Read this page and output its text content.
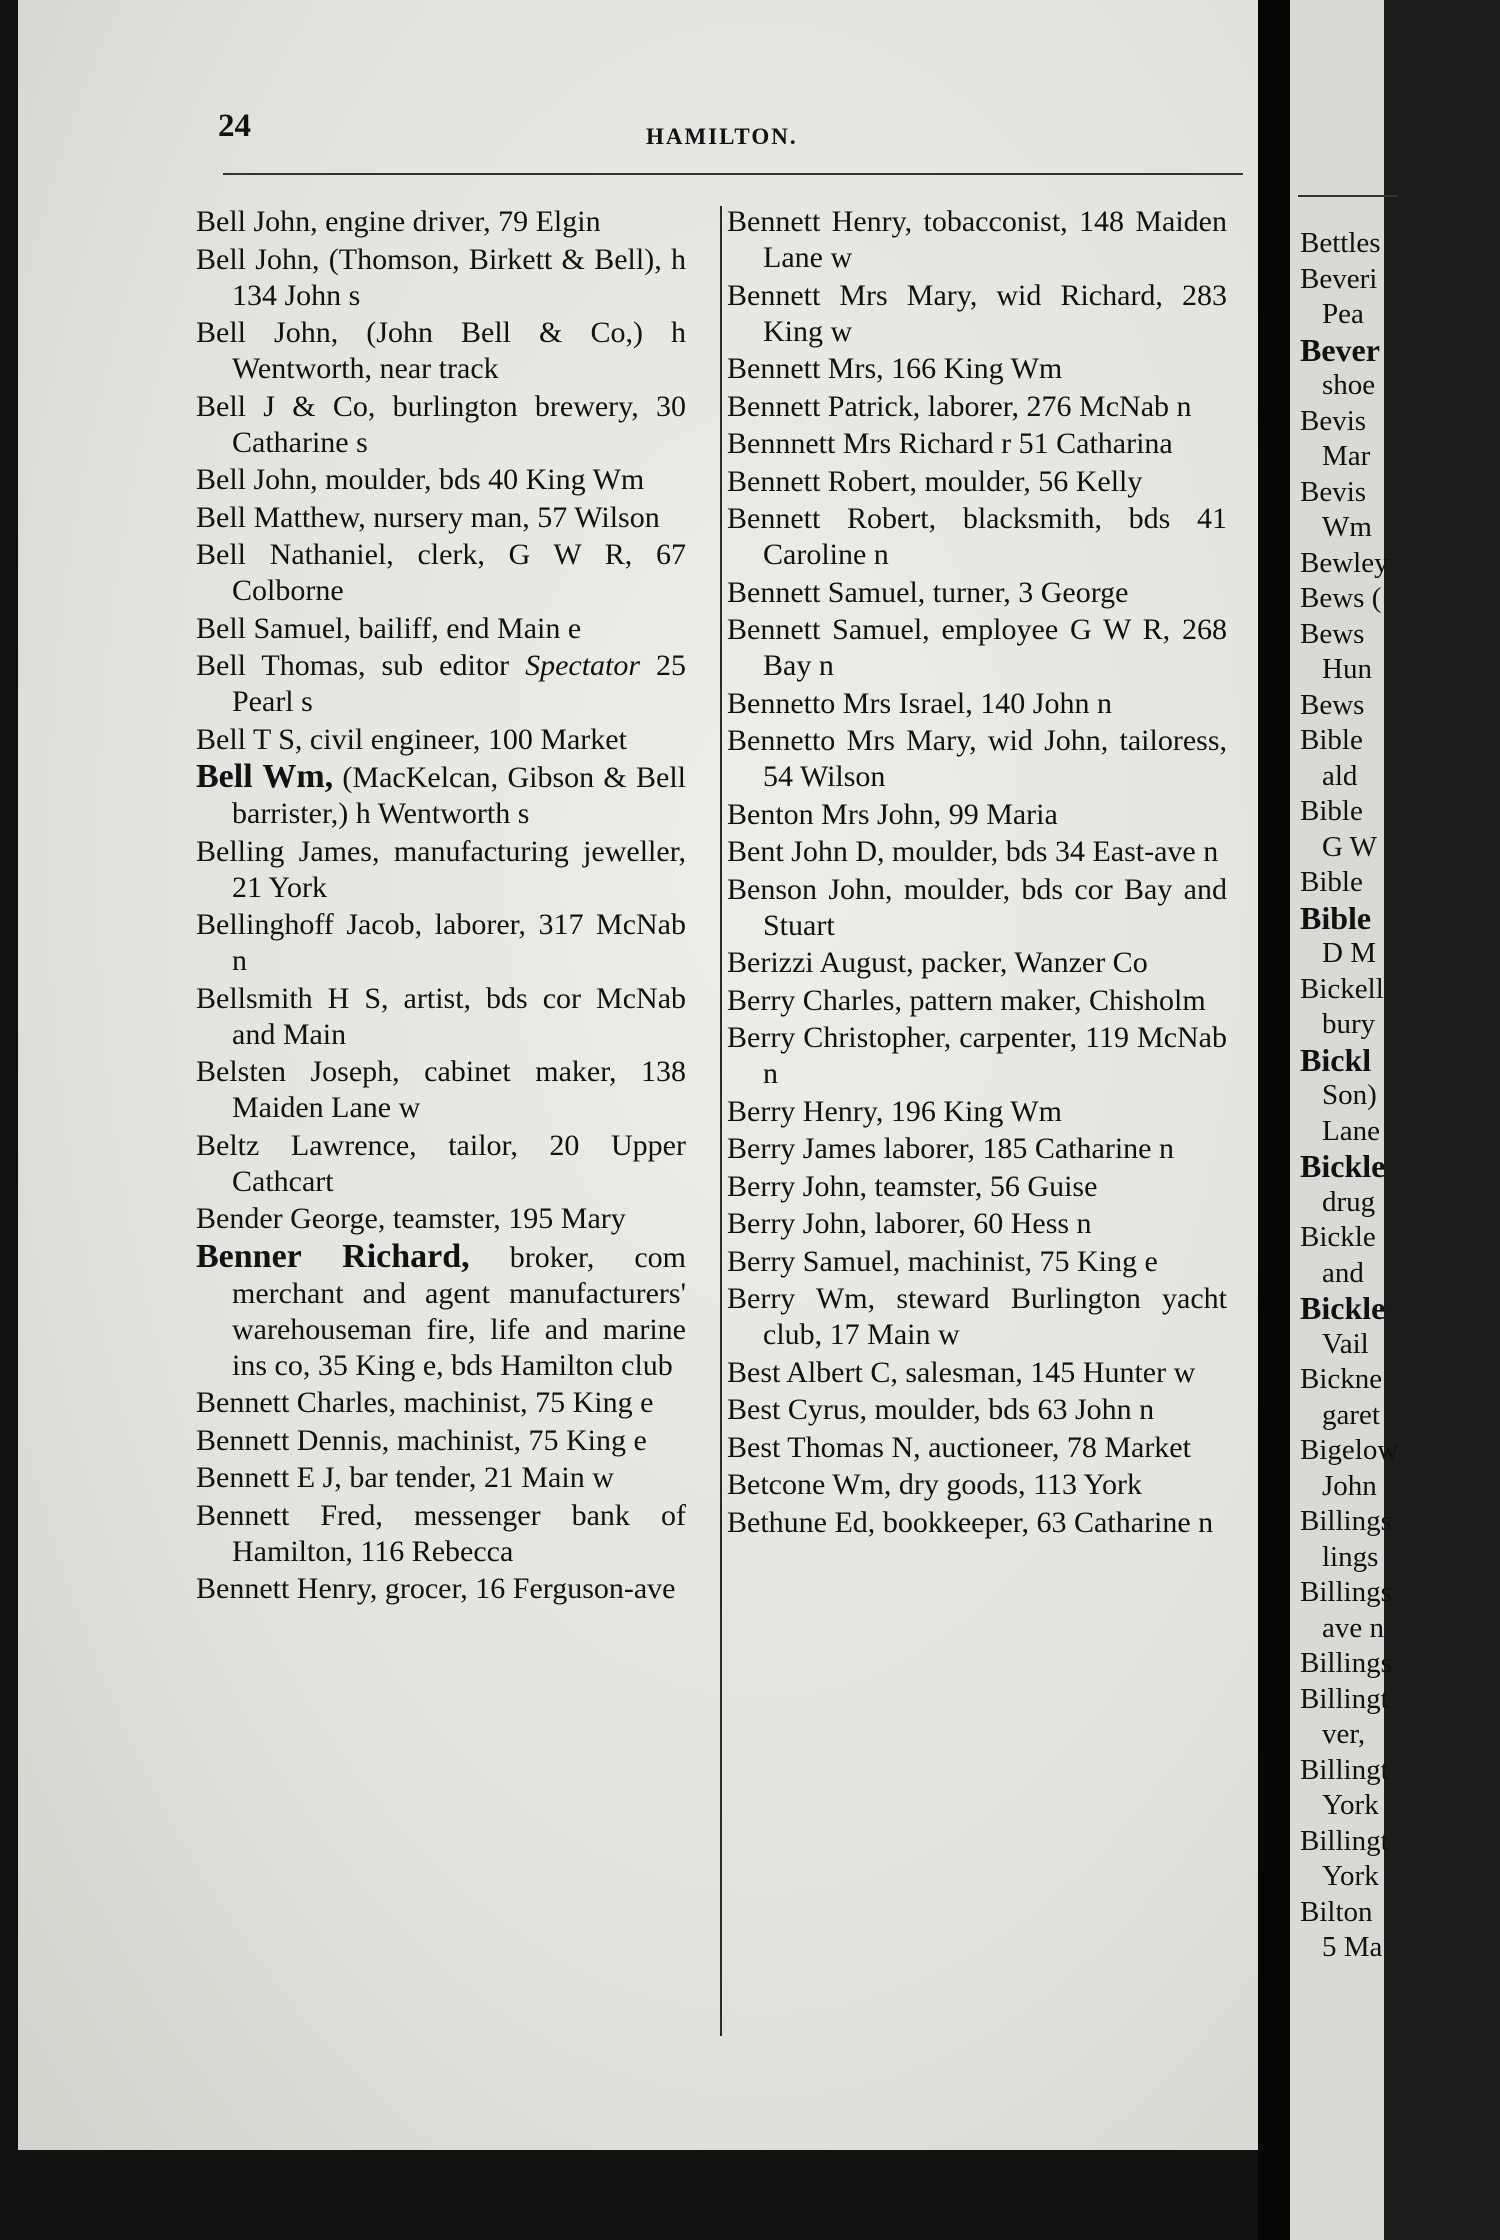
24	HAMILTON.
Bell John, engine driver, 79 Elgin
Bell John, (Thomson, Birkett & Bell), h 134 John s
Bell John, (John Bell & Co,) h Wentworth, near track
Bell J & Co, burlington brewery, 30 Catharine s
Bell John, moulder, bds 40 King Wm
Bell Matthew, nursery man, 57 Wilson
Bell Nathaniel, clerk, G W R, 67 Colborne
Bell Samuel, bailiff, end Main e
Bell Thomas, sub editor Spectator 25 Pearl s
Bell T S, civil engineer, 100 Market
Bell Wm, (MacKelcan, Gibson & Bell barrister,) h Wentworth s
Belling James, manufacturing jeweller, 21 York
Bellinghoff Jacob, laborer, 317 McNab n
Bellsmith H S, artist, bds cor McNab and Main
Belsten Joseph, cabinet maker, 138 Maiden Lane w
Beltz Lawrence, tailor, 20 Upper Cathcart
Bender George, teamster, 195 Mary
Benner Richard, broker, com merchant and agent manufacturers' warehouseman fire, life and marine ins co, 35 King e, bds Hamilton club
Bennett Charles, machinist, 75 King e
Bennett Dennis, machinist, 75 King e
Bennett E J, bar tender, 21 Main w
Bennett Fred, messenger bank of Hamilton, 116 Rebecca
Bennett Henry, grocer, 16 Ferguson-ave
Bennett Henry, tobacconist, 148 Maiden Lane w
Bennett Mrs Mary, wid Richard, 283 King w
Bennett Mrs, 166 King Wm
Bennett Patrick, laborer, 276 McNab n
Bennnett Mrs Richard r 51 Catharina
Bennett Robert, moulder, 56 Kelly
Bennett Robert, blacksmith, bds 41 Caroline n
Bennett Samuel, turner, 3 George
Bennett Samuel, employee G W R, 268 Bay n
Bennetto Mrs Israel, 140 John n
Bennetto Mrs Mary, wid John, tailoress, 54 Wilson
Benton Mrs John, 99 Maria
Bent John D, moulder, bds 34 East-ave n
Benson John, moulder, bds cor Bay and Stuart
Berizzi August, packer, Wanzer Co
Berry Charles, pattern maker, Chisholm
Berry Christopher, carpenter, 119 McNab n
Berry Henry, 196 King Wm
Berry James laborer, 185 Catharine n
Berry John, teamster, 56 Guise
Berry John, laborer, 60 Hess n
Berry Samuel, machinist, 75 King e
Berry Wm, steward Burlington yacht club, 17 Main w
Best Albert C, salesman, 145 Hunter w
Best Cyrus, moulder, bds 63 John n
Best Thomas N, auctioneer, 78 Market
Betcone Wm, dry goods, 113 York
Bethune Ed, bookkeeper, 63 Catharine n
Bettles
Beveri
Pea
Bever
shoe
Bevis
Mar
Bevis
Wm
Bewley
Bews (
Bews
Hun
Bews
Bible
ald
Bible
G W
Bible
Bible
D M
Bickell
bury
Bickl
Son)
Lane
Bickle
drug
Bickle
and
Bickle
Vail
Bickne
garet
Bigelow
John
Billings
lings
Billings
ave n
Billings
Billingt
ver,
Billingt
York
Billingt
York
Bilton
5 Ma
